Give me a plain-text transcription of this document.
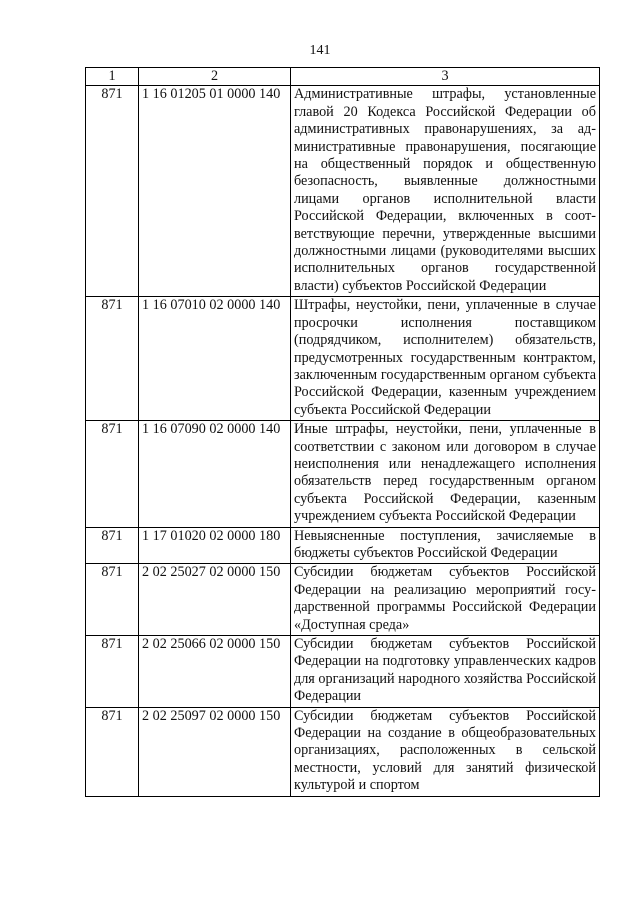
141
1	2	3
871	1 16 01205 01 0000 140	Административные штрафы, установленные главой 20 Кодекса Российской Федерации об административных правонарушениях, за административные правонарушения, посягающие на общественный порядок и общественную безопасность, выявленные должностными лицами органов исполнительной власти Российской Федерации, включенных в соответствующие перечни, утвержденные высшими должностными лицами (руководителями высших исполнительных органов государственной власти) субъектов Российской Федерации
871	1 16 07010 02 0000 140	Штрафы, неустойки, пени, уплаченные в случае просрочки исполнения поставщиком (подрядчиком, исполнителем) обязательств, предусмотренных государственным контрактом, заключенным государственным органом субъекта Российской Федерации, казенным учреждением субъекта Российской Федерации
871	1 16 07090 02 0000 140	Иные штрафы, неустойки, пени, уплаченные в соответствии с законом или договором в случае неисполнения или ненадлежащего исполнения обязательств перед государственным органом субъекта Российской Федерации, казенным учреждением субъекта Российской Федерации
871	1 17 01020 02 0000 180	Невыясненные поступления, зачисляемые в бюджеты субъектов Российской Федерации
871	2 02 25027 02 0000 150	Субсидии бюджетам субъектов Российской Федерации на реализацию мероприятий государственной программы Российской Федерации «Доступная среда»
871	2 02 25066 02 0000 150	Субсидии бюджетам субъектов Российской Федерации на подготовку управленческих кадров для организаций народного хозяйства Российской Федерации
871	2 02 25097 02 0000 150	Субсидии бюджетам субъектов Российской Федерации на создание в общеобразовательных организациях, расположенных в сельской местности, условий для занятий физической культурой и спортом
